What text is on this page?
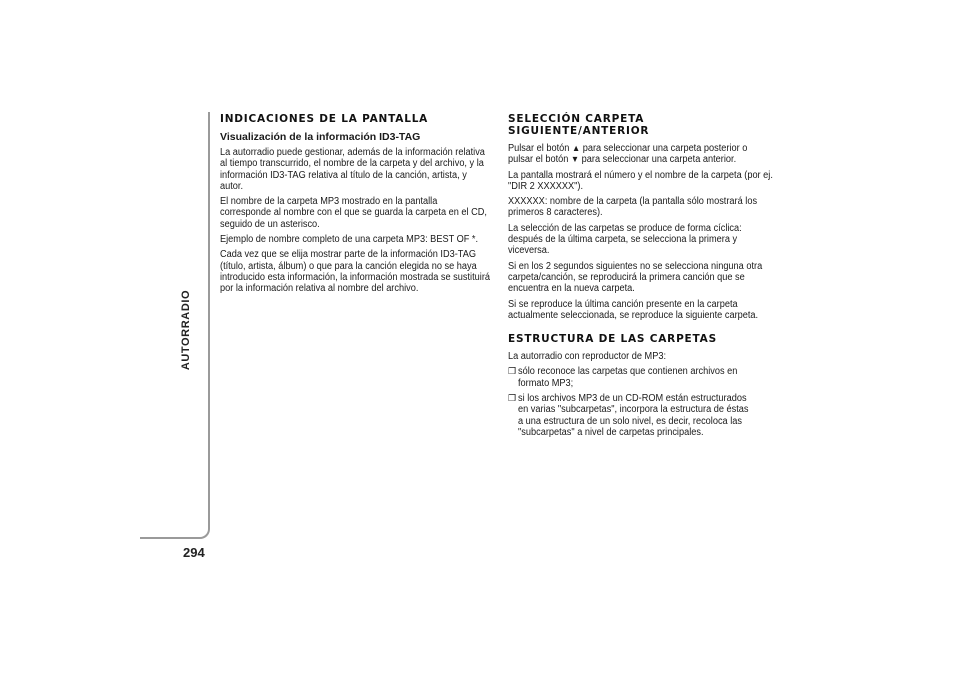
AUTORRADIO
294
INDICACIONES DE LA PANTALLA
Visualización de la información ID3-TAG

La autorradio puede gestionar, además de la información relativa al tiempo transcurrido, el nombre de la carpeta y del archivo, y la información ID3-TAG relativa al título de la canción, artista, y autor.

El nombre de la carpeta MP3 mostrado en la pantalla corresponde al nombre con el que se guarda la carpeta en el CD, seguido de un asterisco.

Ejemplo de nombre completo de una carpeta MP3: BEST OF *.

Cada vez que se elija mostrar parte de la información ID3-TAG (título, artista, álbum) o que para la canción elegida no se haya introducido esta información, la información mostrada se sustituirá por la información relativa al nombre del archivo.

SELECCIÓN CARPETA SIGUIENTE/ANTERIOR

Pulsar el botón ▲ para seleccionar una carpeta posterior o pulsar el botón ▼ para seleccionar una carpeta anterior.

La pantalla mostrará el número y el nombre de la carpeta (por ej. "DIR 2 XXXXXX").

XXXXXX: nombre de la carpeta (la pantalla sólo mostrará los primeros 8 caracteres).

La selección de las carpetas se produce de forma cíclica: después de la última carpeta, se selecciona la primera y viceversa.

Si en los 2 segundos siguientes no se selecciona ninguna otra carpeta/canción, se reproducirá la primera canción que se encuentra en la nueva carpeta.

Si se reproduce la última canción presente en la carpeta actualmente seleccionada, se reproduce la siguiente carpeta.

ESTRUCTURA DE LAS CARPETAS

La autorradio con reproductor de MP3:

❒ sólo reconoce las carpetas que contienen archivos en formato MP3;

❒ si los archivos MP3 de un CD-ROM están estructurados en varias "subcarpetas", incorpora la estructura de éstas a una estructura de un solo nivel, es decir, recoloca las "subcarpetas" a nivel de carpetas principales.
